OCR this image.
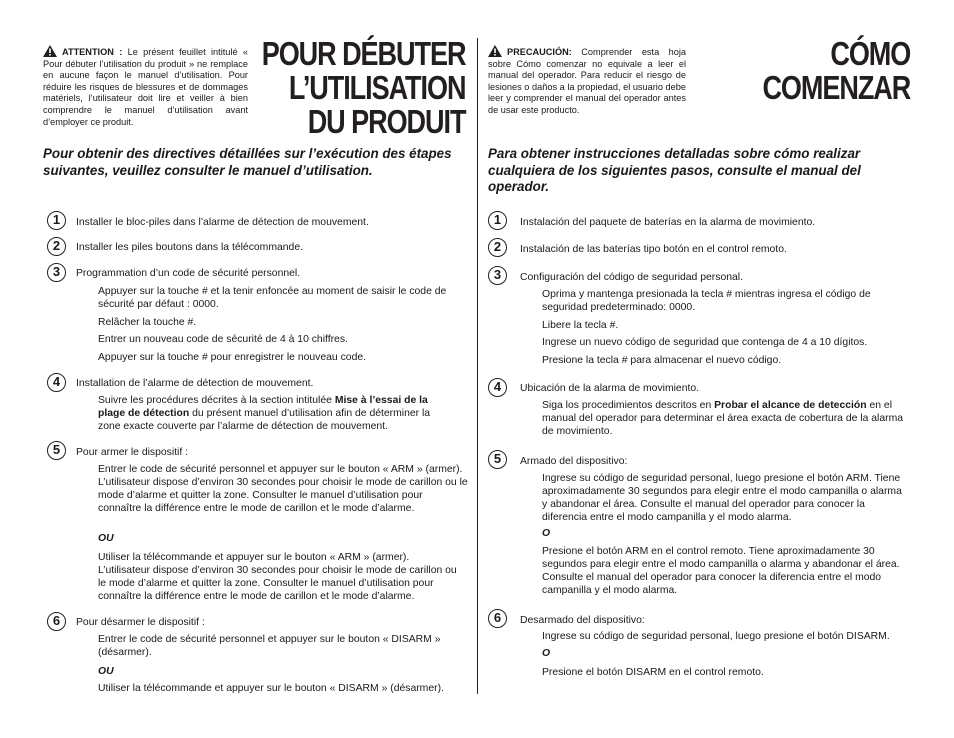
ATTENTION : Le présent feuillet intitulé « Pour débuter l’utilisation du produit » ne remplace en aucune façon le manuel d’utilisation. Pour réduire les risques de blessures et de dommages matériels, l’utilisateur doit lire et veiller à bien comprendre le manuel d’utilisation avant d’employer ce produit.
POUR DÉBUTER
L’UTILISATION
DU PRODUIT

Pour obtenir des directives détaillées sur l’exécution des étapes suivantes, veuillez consulter le manuel d’utilisation.

1	Installer le bloc-piles dans l’alarme de détection de mouvement.
2	Installer les piles boutons dans la télécommande.
3	Programmation d’un code de sécurité personnel.

Appuyer sur la touche # et la tenir enfoncée au moment de saisir le code de sécurité par défaut : 0000.

Relâcher la touche #.

Entrer un nouveau code de sécurité de 4 à 10 chiffres.

Appuyer sur la touche # pour enregistrer le nouveau code.

4	Installation de l’alarme de détection de mouvement.

Suivre les procédures décrites à la section intitulée Mise à l’essai de la plage de détection du présent manuel d’utilisation afin de déterminer la zone exacte couverte par l’alarme de détection de mouvement.

5	Pour armer le dispositif :

Entrer le code de sécurité personnel et appuyer sur le bouton « ARM » (armer). L’utilisateur dispose d’environ 30 secondes pour choisir le mode de carillon ou le mode d’alarme et quitter la zone. Consulter le manuel d’utilisation pour connaître la différence entre le mode de carillon et le mode d’alarme.

OU

Utiliser la télécommande et appuyer sur le bouton « ARM » (armer). L’utilisateur dispose d’environ 30 secondes pour choisir le mode de carillon ou le mode d’alarme et quitter la zone. Consulter le manuel d’utilisation pour connaître la différence entre le mode de carillon et le mode d’alarme.

6	Pour désarmer le dispositif :

Entrer le code de sécurité personnel et appuyer sur le bouton « DISARM » (désarmer).

OU

Utiliser la télécommande et appuyer sur le bouton « DISARM » (désarmer).

PRECAUCIÓN: Comprender esta hoja sobre Cómo comenzar no equivale a leer el manual del operador. Para reducir el riesgo de lesiones o daños a la propiedad, el usuario debe leer y comprender el manual del operador antes de usar este producto.
CÓMO
COMENZAR

Para obtener instrucciones detalladas sobre cómo realizar cualquiera de los siguientes pasos, consulte el manual del operador.

1	Instalación del paquete de baterías en la alarma de movimiento.
2	Instalación de las baterías tipo botón en el control remoto.
3	Configuración del código de seguridad personal.

Oprima y mantenga presionada la tecla # mientras ingresa el código de seguridad predeterminado: 0000.

Libere la tecla #.

Ingrese un nuevo código de seguridad que contenga de 4 a 10 dígitos.

Presione la tecla # para almacenar el nuevo código.

4	Ubicación de la alarma de movimiento.

Siga los procedimientos descritos en Probar el alcance de detección en el manual del operador para determinar el área exacta de cobertura de la alarma de movimiento.

5	Armado del dispositivo:

Ingrese su código de seguridad personal, luego presione el botón ARM. Tiene aproximadamente 30 segundos para elegir entre el modo campanilla o alarma y abandonar el área. Consulte el manual del operador para conocer la diferencia entre el modo campanilla y el modo alarma.

O

Presione el botón ARM en el control remoto. Tiene aproximadamente 30 segundos para elegir entre el modo campanilla o alarma y abandonar el área. Consulte el manual del operador para conocer la diferencia entre el modo campanilla y el modo alarma.

6	Desarmado del dispositivo:

Ingrese su código de seguridad personal, luego presione el botón DISARM.

O

Presione el botón DISARM en el control remoto.
